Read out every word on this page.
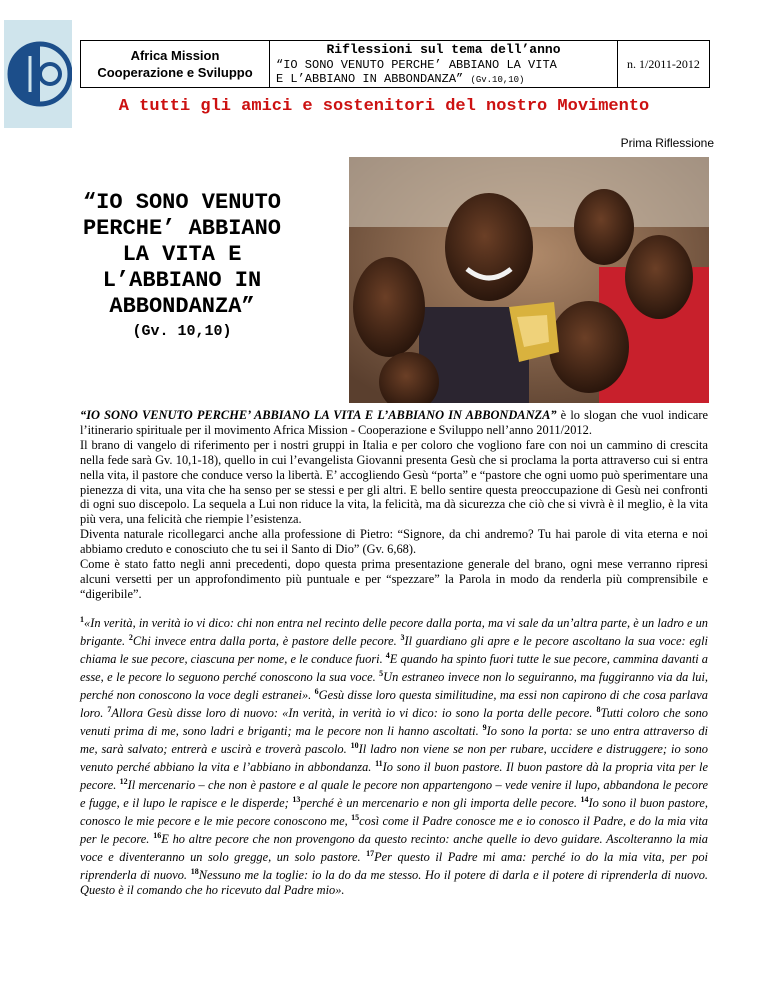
Africa Mission
Cooperazione e Sviluppo
Riflessioni sul tema dell’anno
“IO SONO VENUTO PERCHE’ ABBIANO LA VITA
E L’ABBIANO IN ABBONDANZA” (Gv.10,10)
n. 1/2011-2012
A tutti gli amici e sostenitori del nostro Movimento
Prima Riflessione
“IO SONO VENUTO PERCHE’ ABBIANO LA VITA E L’ABBIANO IN ABBONDANZA”
(Gv. 10,10)

“IO SONO VENUTO PERCHE’ ABBIANO LA VITA E L’ABBIANO IN ABBONDANZA” è lo slogan che vuol indicare l’itinerario spirituale per il movimento Africa Mission - Cooperazione e Sviluppo nell’anno 2011/2012.

Il brano di vangelo di riferimento per i nostri gruppi in Italia e per coloro che vogliono fare con noi un cammino di crescita nella fede sarà Gv. 10,1-18), quello in cui l’evangelista Giovanni presenta Gesù che si proclama la porta attraverso cui si entra nella vita, il pastore che conduce verso la libertà. E’ accogliendo Gesù “porta” e “pastore che ogni uomo può sperimentare una pienezza di vita, una vita che ha senso per se stessi e per gli altri. E bello sentire questa preoccupazione di Gesù nei confronti di ogni suo discepolo. La sequela a Lui non riduce la vita, la felicità, ma dà sicurezza che ciò che si vivrà è il meglio, è la vita più vera, una felicità che riempie l’esistenza.

Diventa naturale ricollegarci anche alla professione di Pietro: “Signore, da chi andremo? Tu hai parole di vita eterna e noi abbiamo creduto e conosciuto che tu sei il Santo di Dio” (Gv. 6,68).

Come è stato fatto negli anni precedenti, dopo questa prima presentazione generale del brano, ogni mese verranno ripresi alcuni versetti per un approfondimento più puntuale e per “spezzare” la Parola in modo da renderla più comprensibile e “digeribile”.

$^1$«In verità, in verità io vi dico: chi non entra nel recinto delle pecore dalla porta, ma vi sale da un’altra parte, è un ladro e un brigante. $^2$Chi invece entra dalla porta, è pastore delle pecore. $^3$Il guardiano gli apre e le pecore ascoltano la sua voce: egli chiama le sue pecore, ciascuna per nome, e le conduce fuori. $^4$E quando ha spinto fuori tutte le sue pecore, cammina davanti a esse, e le pecore lo seguono perché conoscono la sua voce. $^5$Un estraneo invece non lo seguiranno, ma fuggiranno via da lui, perché non conoscono la voce degli estranei». $^6$Gesù disse loro questa similitudine, ma essi non capirono di che cosa parlava loro. $^7$Allora Gesù disse loro di nuovo: «In verità, in verità io vi dico: io sono la porta delle pecore. $^8$Tutti coloro che sono venuti prima di me, sono ladri e briganti; ma le pecore non li hanno ascoltati. $^9$Io sono la porta: se uno entra attraverso di me, sarà salvato; entrerà e uscirà e troverà pascolo. $^{10}$Il ladro non viene se non per rubare, uccidere e distruggere; io sono venuto perché abbiano la vita e l’abbiano in abbondanza. $^{11}$Io sono il buon pastore. Il buon pastore dà la propria vita per le pecore. $^{12}$Il mercenario – che non è pastore e al quale le pecore non appartengono – vede venire il lupo, abbandona le pecore e fugge, e il lupo le rapisce e le disperde; $^{13}$perché è un mercenario e non gli importa delle pecore. $^{14}$Io sono il buon pastore, conosco le mie pecore e le mie pecore conoscono me, $^{15}$così come il Padre conosce me e io conosco il Padre, e do la mia vita per le pecore. $^{16}$E ho altre pecore che non provengono da questo recinto: anche quelle io devo guidare. Ascolteranno la mia voce e diventeranno un solo gregge, un solo pastore. $^{17}$Per questo il Padre mi ama: perché io do la mia vita, per poi riprenderla di nuovo. $^{18}$Nessuno me la toglie: io la do da me stesso. Ho il potere di darla e il potere di riprenderla di nuovo. Questo è il comando che ho ricevuto dal Padre mio».
